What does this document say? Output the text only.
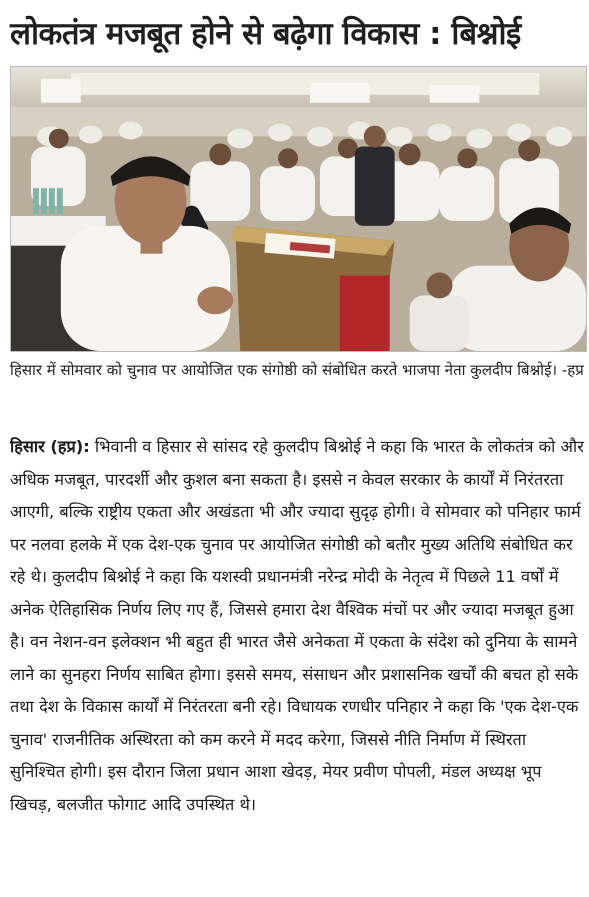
लोकतंत्र मजबूत होने से बढ़ेगा विकास : बिश्नोई
हिसार में सोमवार को चुनाव पर आयोजित एक संगोष्ठी को संबोधित करते भाजपा नेता कुलदीप बिश्नोई। -हप्र
हिसार (हप्र): भिवानी व हिसार से सांसद रहे कुलदीप बिश्नोई ने कहा कि भारत के लोकतंत्र को और अधिक मजबूत, पारदर्शी और कुशल बना सकता है। इससे न केवल सरकार के कार्यों में निरंतरता आएगी, बल्कि राष्ट्रीय एकता और अखंडता भी और ज्यादा सुदृढ़ होगी। वे सोमवार को पनिहार फार्म पर नलवा हलके में एक देश-एक चुनाव पर आयोजित संगोष्ठी को बतौर मुख्य अतिथि संबोधित कर रहे थे। कुलदीप बिश्नोई ने कहा कि यशस्वी प्रधानमंत्री नरेन्द्र मोदी के नेतृत्व में पिछले 11 वर्षों में अनेक ऐतिहासिक निर्णय लिए गए हैं, जिससे हमारा देश वैश्विक मंचों पर और ज्यादा मजबूत हुआ है। वन नेशन-वन इलेक्शन भी बहुत ही भारत जैसे अनेकता में एकता के संदेश को दुनिया के सामने लाने का सुनहरा निर्णय साबित होगा। इससे समय, संसाधन और प्रशासनिक खर्चों की बचत हो सके तथा देश के विकास कार्यों में निरंतरता बनी रहे। विधायक रणधीर पनिहार ने कहा कि 'एक देश-एक चुनाव' राजनीतिक अस्थिरता को कम करने में मदद करेगा, जिससे नीति निर्माण में स्थिरता सुनिश्चित होगी। इस दौरान जिला प्रधान आशा खेदड़, मेयर प्रवीण पोपली, मंडल अध्यक्ष भूप खिचड़, बलजीत फोगाट आदि उपस्थित थे।
